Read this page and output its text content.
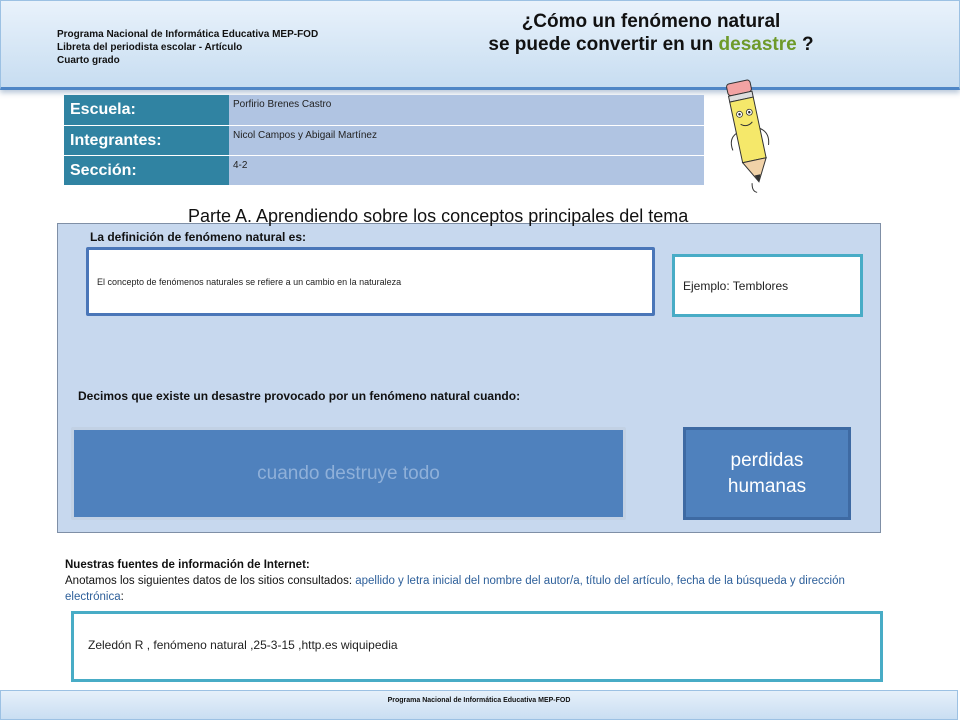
Programa Nacional de Informática Educativa MEP-FOD
Libreta del periodista escolar - Artículo
Cuarto grado
¿Cómo un fenómeno natural
se puede convertir en un desastre ?
Escuela:	Porfirio Brenes Castro
Integrantes:	Nicol Campos y Abigail Martínez
Sección:	4-2
Parte A. Aprendiendo sobre los conceptos principales del tema
La definición de fenómeno natural es:
El concepto de fenómenos naturales se refiere a un cambio en la naturaleza	Ejemplo: Temblores
Decimos que existe un desastre provocado por un fenómeno natural cuando:
cuando destruye todo
perdidas
humanas
Nuestras fuentes de información de Internet:
Anotamos los siguientes datos de los sitios consultados: apellido y letra inicial del nombre del autor/a, título del artículo, fecha de la búsqueda y dirección electrónica:
Zeledón R , fenómeno natural ,25-3-15 ,http.es wiquipedia
Programa Nacional de Informática Educativa MEP-FOD
